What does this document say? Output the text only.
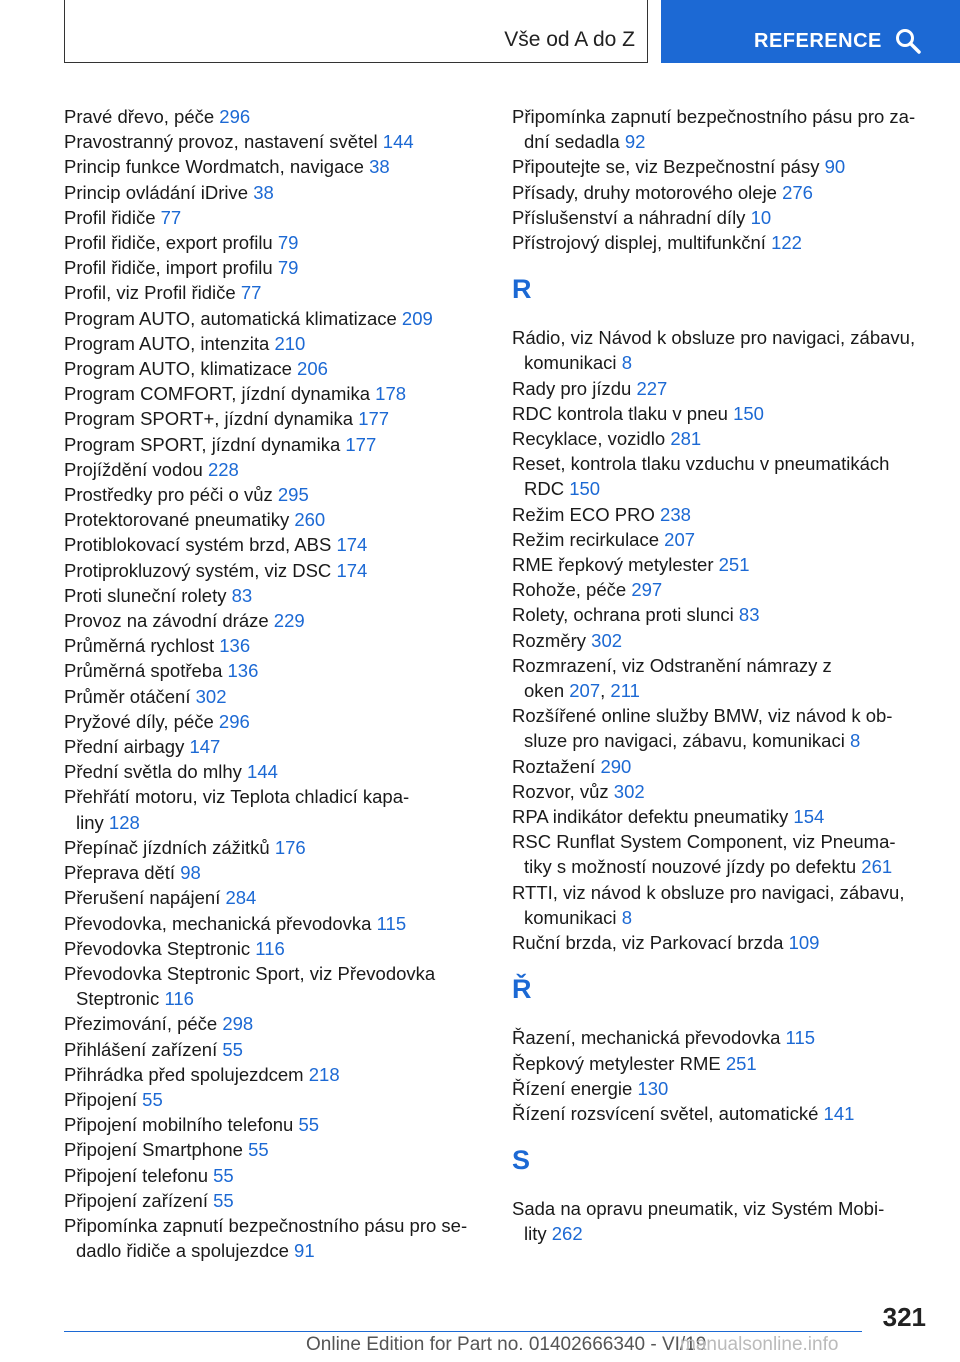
Vše od A do Z	REFERENCE
Pravé dřevo, péče 296
Pravostranný provoz, nastavení světel 144
Princip funkce Wordmatch, navigace 38
Princip ovládání iDrive 38
Profil řidiče 77
Profil řidiče, export profilu 79
Profil řidiče, import profilu 79
Profil, viz Profil řidiče 77
Program AUTO, automatická klimatizace 209
Program AUTO, intenzita 210
Program AUTO, klimatizace 206
Program COMFORT, jízdní dynamika 178
Program SPORT+, jízdní dynamika 177
Program SPORT, jízdní dynamika 177
Projíždění vodou 228
Prostředky pro péči o vůz 295
Protektorované pneumatiky 260
Protiblokovací systém brzd, ABS 174
Protiprokluzový systém, viz DSC 174
Proti sluneční rolety 83
Provoz na závodní dráze 229
Průměrná rychlost 136
Průměrná spotřeba 136
Průměr otáčení 302
Pryžové díly, péče 296
Přední airbagy 147
Přední světla do mlhy 144
Přehřátí motoru, viz Teplota chladicí kapa-
liny 128
Přepínač jízdních zážitků 176
Přeprava dětí 98
Přerušení napájení 284
Převodovka, mechanická převodovka 115
Převodovka Steptronic 116
Převodovka Steptronic Sport, viz Převodovka
Steptronic 116
Přezimování, péče 298
Přihlášení zařízení 55
Přihrádka před spolujezdcem 218
Připojení 55
Připojení mobilního telefonu 55
Připojení Smartphone 55
Připojení telefonu 55
Připojení zařízení 55
Připomínka zapnutí bezpečnostního pásu pro se-
dadlo řidiče a spolujezdce 91
Připomínka zapnutí bezpečnostního pásu pro za-
dní sedadla 92
Připoutejte se, viz Bezpečnostní pásy 90
Přísady, druhy motorového oleje 276
Příslušenství a náhradní díly 10
Přístrojový displej, multifunkční 122
R
Rádio, viz Návod k obsluze pro navigaci, zábavu,
komunikaci 8
Rady pro jízdu 227
RDC kontrola tlaku v pneu 150
Recyklace, vozidlo 281
Reset, kontrola tlaku vzduchu v pneumatikách
RDC 150
Režim ECO PRO 238
Režim recirkulace 207
RME řepkový metylester 251
Rohože, péče 297
Rolety, ochrana proti slunci 83
Rozměry 302
Rozmrazení, viz Odstranění námrazy z
oken 207, 211
Rozšířené online služby BMW, viz návod k ob-
sluze pro navigaci, zábavu, komunikaci 8
Roztažení 290
Rozvor, vůz 302
RPA indikátor defektu pneumatiky 154
RSC Runflat System Component, viz Pneuma-
tiky s možností nouzové jízdy po defektu 261
RTTI, viz návod k obsluze pro navigaci, zábavu,
komunikaci 8
Ruční brzda, viz Parkovací brzda 109
Ř
Řazení, mechanická převodovka 115
Řepkový metylester RME 251
Řízení energie 130
Řízení rozsvícení světel, automatické 141
S
Sada na opravu pneumatik, viz Systém Mobi-
lity 262
321
Online Edition for Part no. 01402666340 - VI/19
manualsonline.info
